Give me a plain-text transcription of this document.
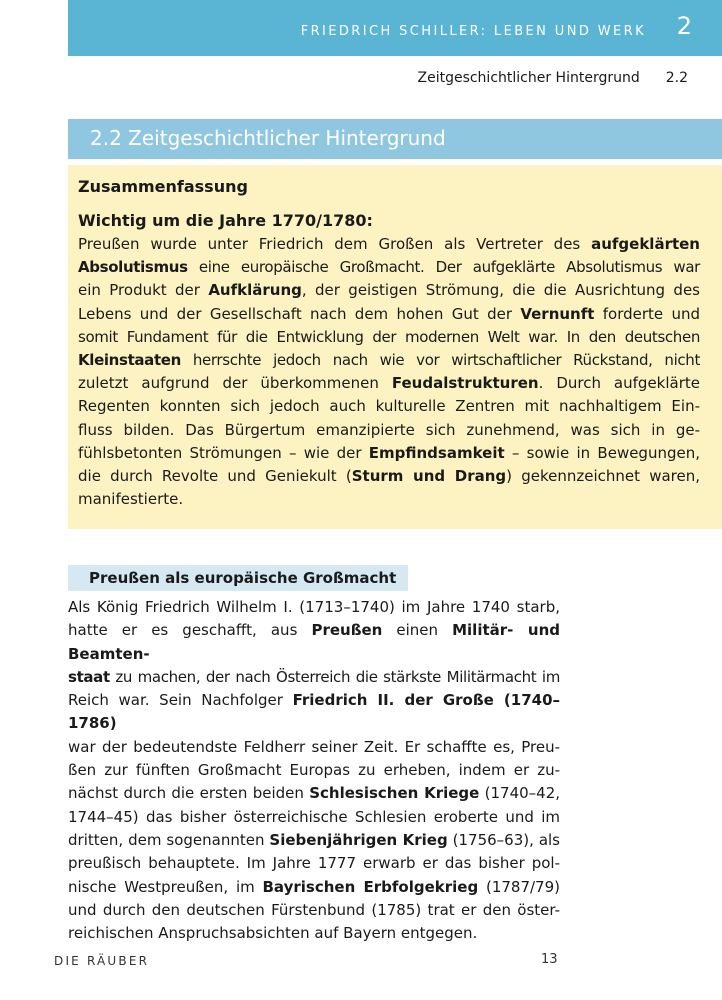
FRIEDRICH SCHILLER: LEBEN UND WERK 2
Zeitgeschichtlicher Hintergrund 2.2
2.2 Zeitgeschichtlicher Hintergrund
Zusammenfassung
Wichtig um die Jahre 1770/1780:
Preußen wurde unter Friedrich dem Großen als Vertreter des aufgeklärten
Absolutismus eine europäische Großmacht. Der aufgeklärte Absolutismus war
ein Produkt der Aufklärung, der geistigen Strömung, die die Ausrichtung des
Lebens und der Gesellschaft nach dem hohen Gut der Vernunft forderte und
somit Fundament für die Entwicklung der modernen Welt war. In den deutschen
Kleinstaaten herrschte jedoch nach wie vor wirtschaftlicher Rückstand, nicht
zuletzt aufgrund der überkommenen Feudalstrukturen. Durch aufgeklärte
Regenten konnten sich jedoch auch kulturelle Zentren mit nachhaltigem Ein-
fluss bilden. Das Bürgertum emanzipierte sich zunehmend, was sich in ge-
fühlsbetonten Strömungen – wie der Empfindsamkeit – sowie in Bewegungen,
die durch Revolte und Geniekult (Sturm und Drang) gekennzeichnet waren,
manifestierte.
Preußen als europäische Großmacht
Als König Friedrich Wilhelm I. (1713–1740) im Jahre 1740 starb,
hatte er es geschafft, aus Preußen einen Militär- und Beamten-
staat zu machen, der nach Österreich die stärkste Militärmacht im
Reich war. Sein Nachfolger Friedrich II. der Große (1740–1786)
war der bedeutendste Feldherr seiner Zeit. Er schaffte es, Preu-
ßen zur fünften Großmacht Europas zu erheben, indem er zu-
nächst durch die ersten beiden Schlesischen Kriege (1740–42,
1744–45) das bisher österreichische Schlesien eroberte und im
dritten, dem sogenannten Siebenjährigen Krieg (1756–63), als
preußisch behauptete. Im Jahre 1777 erwarb er das bisher pol-
nische Westpreußen, im Bayrischen Erbfolgekrieg (1787/79)
und durch den deutschen Fürstenbund (1785) trat er den öster-
reichischen Anspruchsabsichten auf Bayern entgegen.
DIE RÄUBER	13
